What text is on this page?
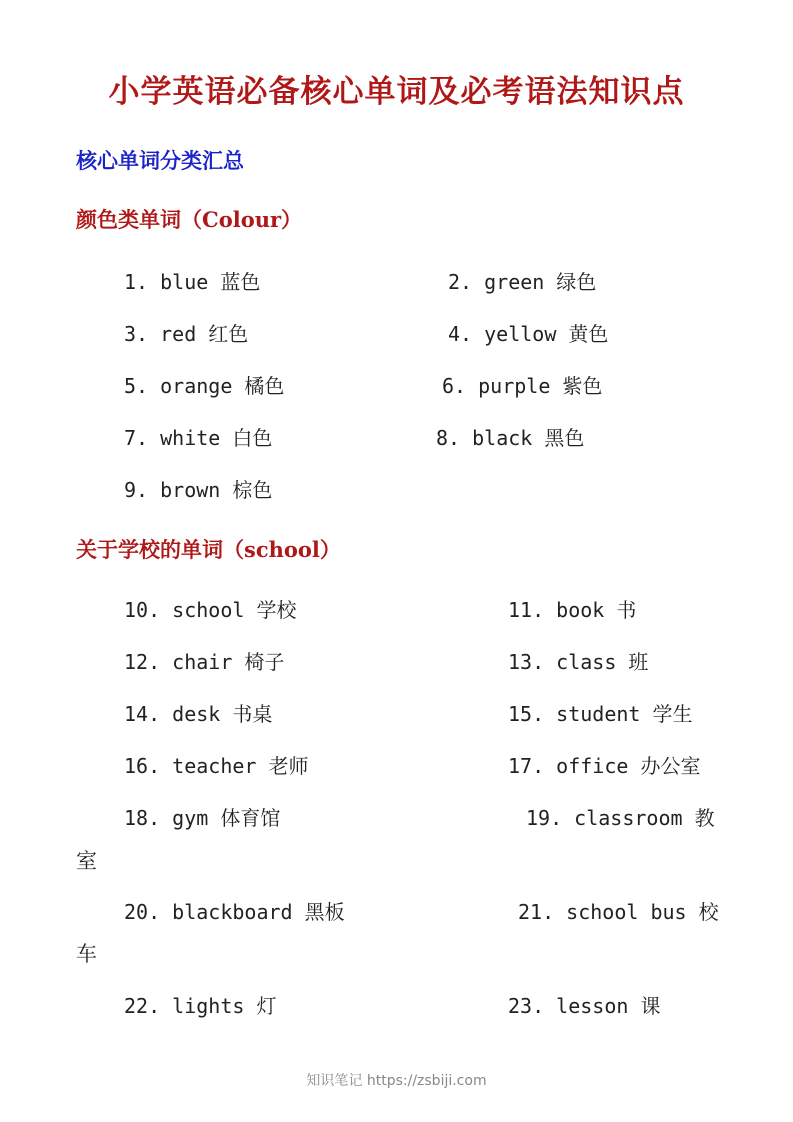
小学英语必备核心单词及必考语法知识点
核心单词分类汇总
颜色类单词（Colour）
1. blue 蓝色	2. green 绿色
3. red 红色	4. yellow 黄色
5. orange 橘色	6. purple 紫色
7. white 白色	8. black 黑色
9. brown 棕色
关于学校的单词（school）
10. school 学校	11. book 书
12. chair 椅子	13. class 班
14. desk 书桌	15. student 学生
16. teacher 老师	17. office 办公室
18. gym 体育馆	19. classroom 教
室
20. blackboard 黑板	21. school bus 校
车
22. lights 灯	23. lesson 课
知识笔记 https://zsbiji.com
